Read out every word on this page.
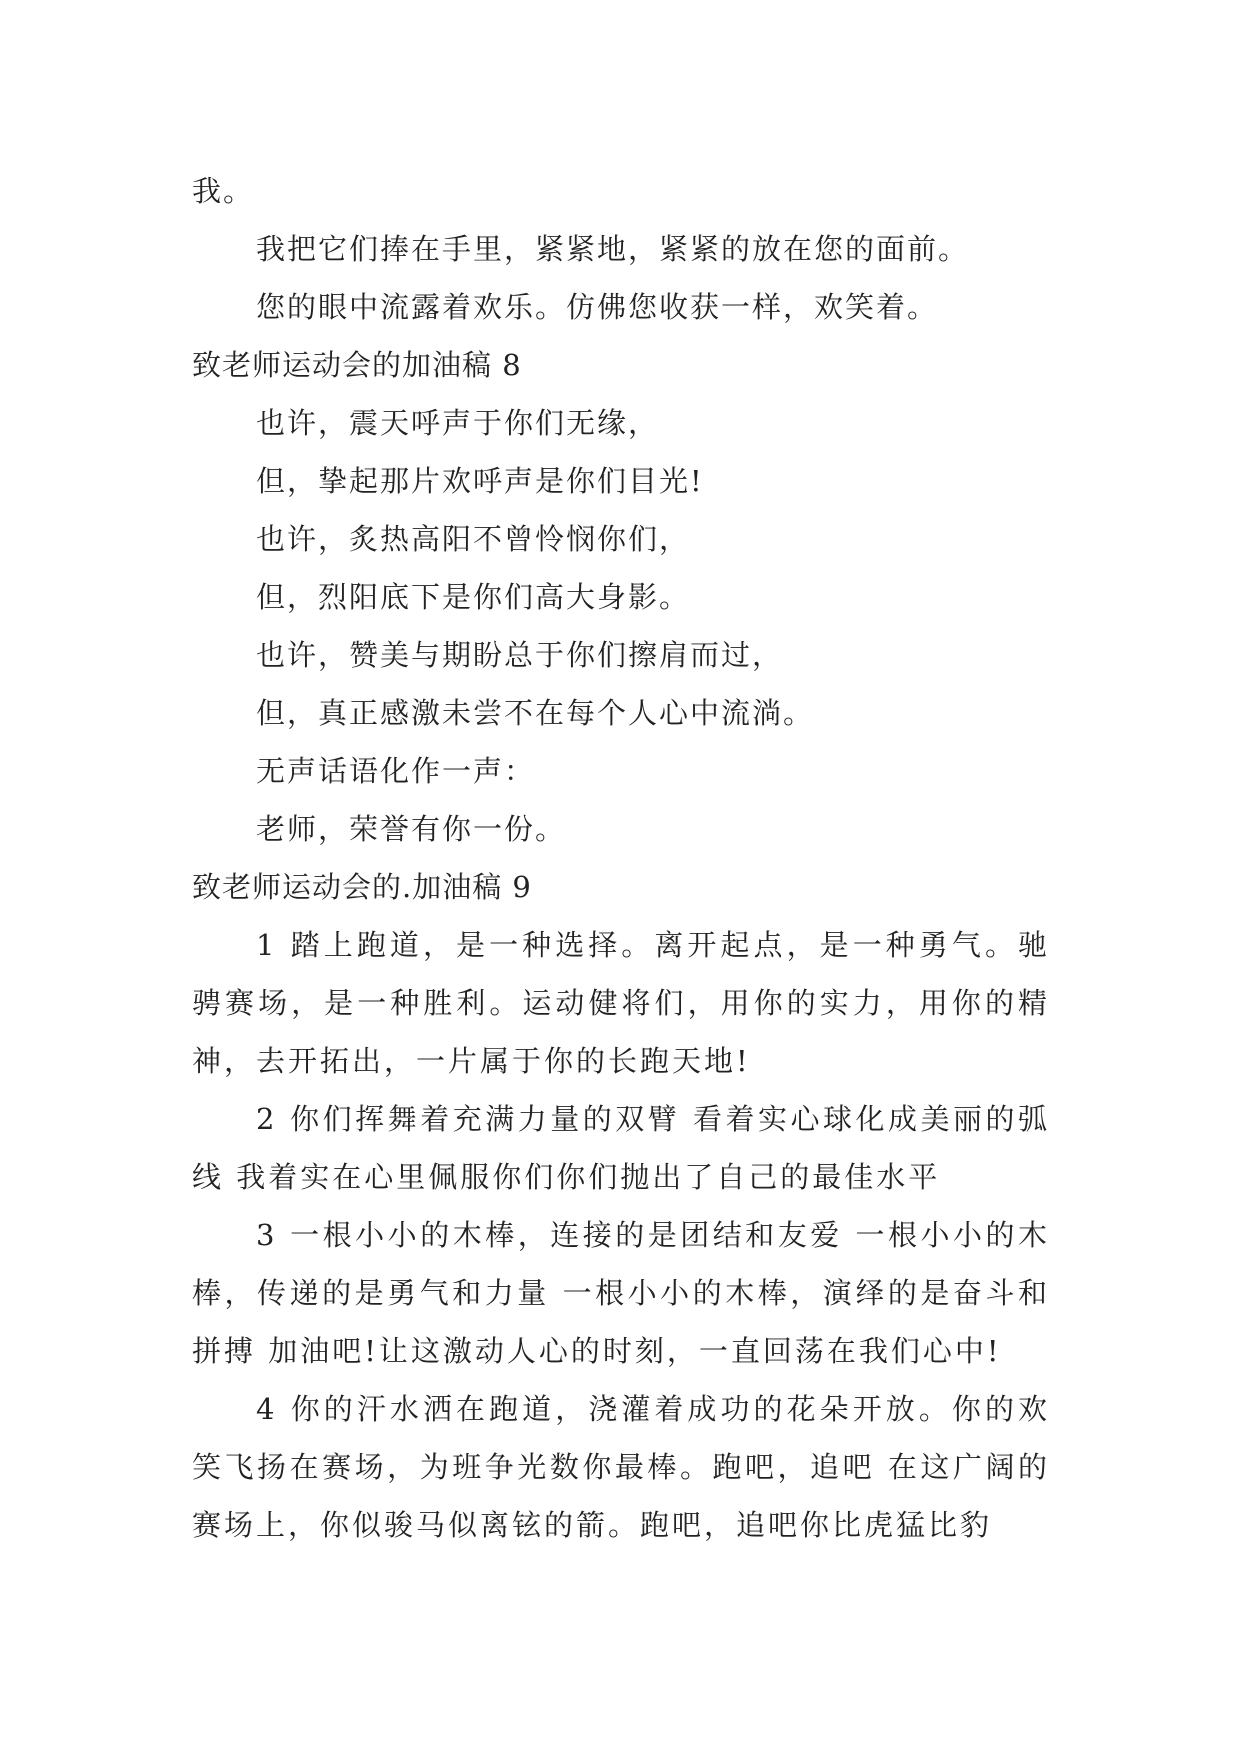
我。
我把它们捧在手里，紧紧地，紧紧的放在您的面前。
您的眼中流露着欢乐。仿佛您收获一样，欢笑着。
致老师运动会的加油稿 8
也许，震天呼声于你们无缘，
但，挚起那片欢呼声是你们目光!
也许，炙热高阳不曾怜悯你们，
但，烈阳底下是你们高大身影。
也许，赞美与期盼总于你们擦肩而过，
但，真正感激未尝不在每个人心中流淌。
无声话语化作一声：
老师，荣誉有你一份。
致老师运动会的.加油稿 9

1 踏上跑道，是一种选择。离开起点，是一种勇气。驰骋赛场，是一种胜利。运动健将们，用你的实力，用你的精神，去开拓出，一片属于你的长跑天地!

2 你们挥舞着充满力量的双臂 看着实心球化成美丽的弧线 我着实在心里佩服你们你们抛出了自己的最佳水平

3 一根小小的木棒，连接的是团结和友爱 一根小小的木棒，传递的是勇气和力量 一根小小的木棒，演绎的是奋斗和拼搏 加油吧!让这激动人心的时刻，一直回荡在我们心中!

4 你的汗水洒在跑道，浇灌着成功的花朵开放。你的欢笑飞扬在赛场，为班争光数你最棒。跑吧，追吧 在这广阔的赛场上，你似骏马似离铉的箭。跑吧，追吧你比虎猛比豹
